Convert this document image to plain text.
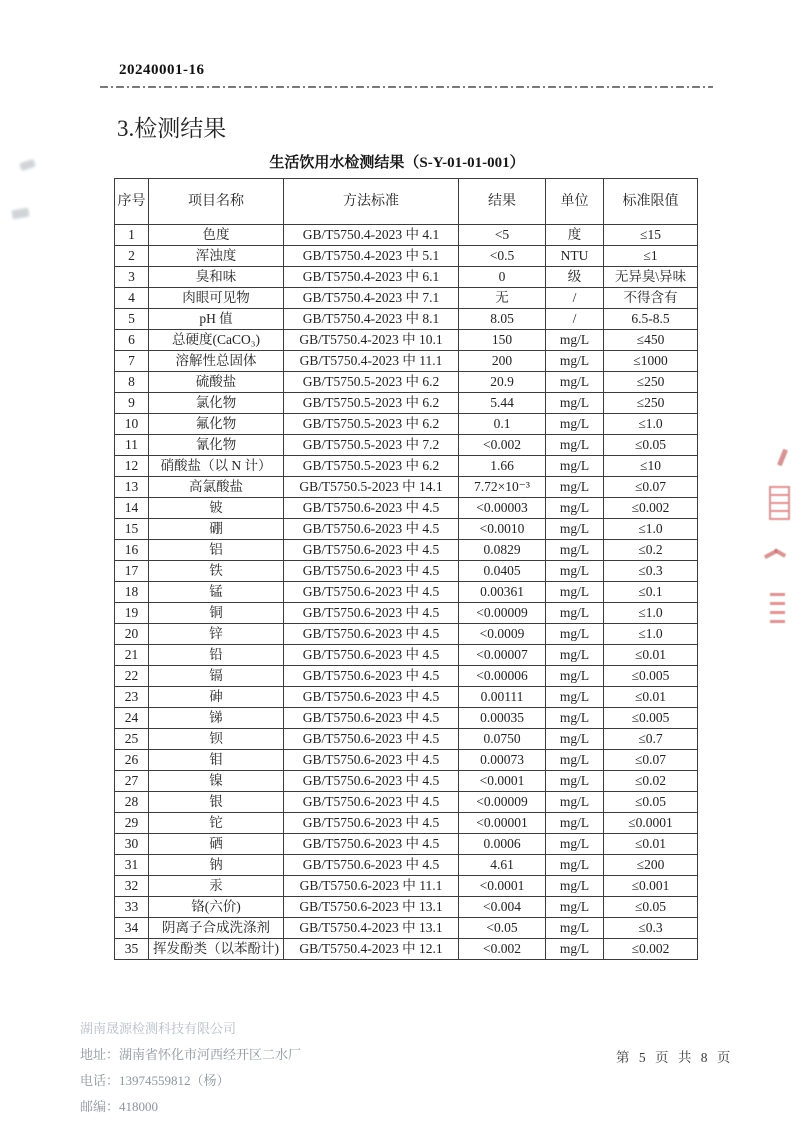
20240001-16
3.检测结果
生活饮用水检测结果（S-Y-01-01-001）
序号	项目名称	方法标准	结果	单位	标准限值
1	色度	GB/T5750.4-2023 中 4.1	<5	度	≤15
2	浑浊度	GB/T5750.4-2023 中 5.1	<0.5	NTU	≤1
3	臭和味	GB/T5750.4-2023 中 6.1	0	级	无异臭\异味
4	肉眼可见物	GB/T5750.4-2023 中 7.1	无	/	不得含有
5	pH 值	GB/T5750.4-2023 中 8.1	8.05	/	6.5-8.5
6	总硬度(CaCO₃)	GB/T5750.4-2023 中 10.1	150	mg/L	≤450
7	溶解性总固体	GB/T5750.4-2023 中 11.1	200	mg/L	≤1000
8	硫酸盐	GB/T5750.5-2023 中 6.2	20.9	mg/L	≤250
9	氯化物	GB/T5750.5-2023 中 6.2	5.44	mg/L	≤250
10	氟化物	GB/T5750.5-2023 中 6.2	0.1	mg/L	≤1.0
11	氰化物	GB/T5750.5-2023 中 7.2	<0.002	mg/L	≤0.05
12	硝酸盐（以 N 计）	GB/T5750.5-2023 中 6.2	1.66	mg/L	≤10
13	高氯酸盐	GB/T5750.5-2023 中 14.1	7.72×10⁻³	mg/L	≤0.07
14	铍	GB/T5750.6-2023 中 4.5	<0.00003	mg/L	≤0.002
15	硼	GB/T5750.6-2023 中 4.5	<0.0010	mg/L	≤1.0
16	铝	GB/T5750.6-2023 中 4.5	0.0829	mg/L	≤0.2
17	铁	GB/T5750.6-2023 中 4.5	0.0405	mg/L	≤0.3
18	锰	GB/T5750.6-2023 中 4.5	0.00361	mg/L	≤0.1
19	铜	GB/T5750.6-2023 中 4.5	<0.00009	mg/L	≤1.0
20	锌	GB/T5750.6-2023 中 4.5	<0.0009	mg/L	≤1.0
21	铅	GB/T5750.6-2023 中 4.5	<0.00007	mg/L	≤0.01
22	镉	GB/T5750.6-2023 中 4.5	<0.00006	mg/L	≤0.005
23	砷	GB/T5750.6-2023 中 4.5	0.00111	mg/L	≤0.01
24	锑	GB/T5750.6-2023 中 4.5	0.00035	mg/L	≤0.005
25	钡	GB/T5750.6-2023 中 4.5	0.0750	mg/L	≤0.7
26	钼	GB/T5750.6-2023 中 4.5	0.00073	mg/L	≤0.07
27	镍	GB/T5750.6-2023 中 4.5	<0.0001	mg/L	≤0.02
28	银	GB/T5750.6-2023 中 4.5	<0.00009	mg/L	≤0.05
29	铊	GB/T5750.6-2023 中 4.5	<0.00001	mg/L	≤0.0001
30	硒	GB/T5750.6-2023 中 4.5	0.0006	mg/L	≤0.01
31	钠	GB/T5750.6-2023 中 4.5	4.61	mg/L	≤200
32	汞	GB/T5750.6-2023 中 11.1	<0.0001	mg/L	≤0.001
33	铬(六价)	GB/T5750.6-2023 中 13.1	<0.004	mg/L	≤0.05
34	阴离子合成洗涤剂	GB/T5750.4-2023 中 13.1	<0.05	mg/L	≤0.3
35	挥发酚类（以苯酚计)	GB/T5750.4-2023 中 12.1	<0.002	mg/L	≤0.002
湖南晟源检测科技有限公司
地址：湖南省怀化市河西经开区二水厂
电话：13974559812（杨）
邮编：418000
第 5 页 共 8 页
